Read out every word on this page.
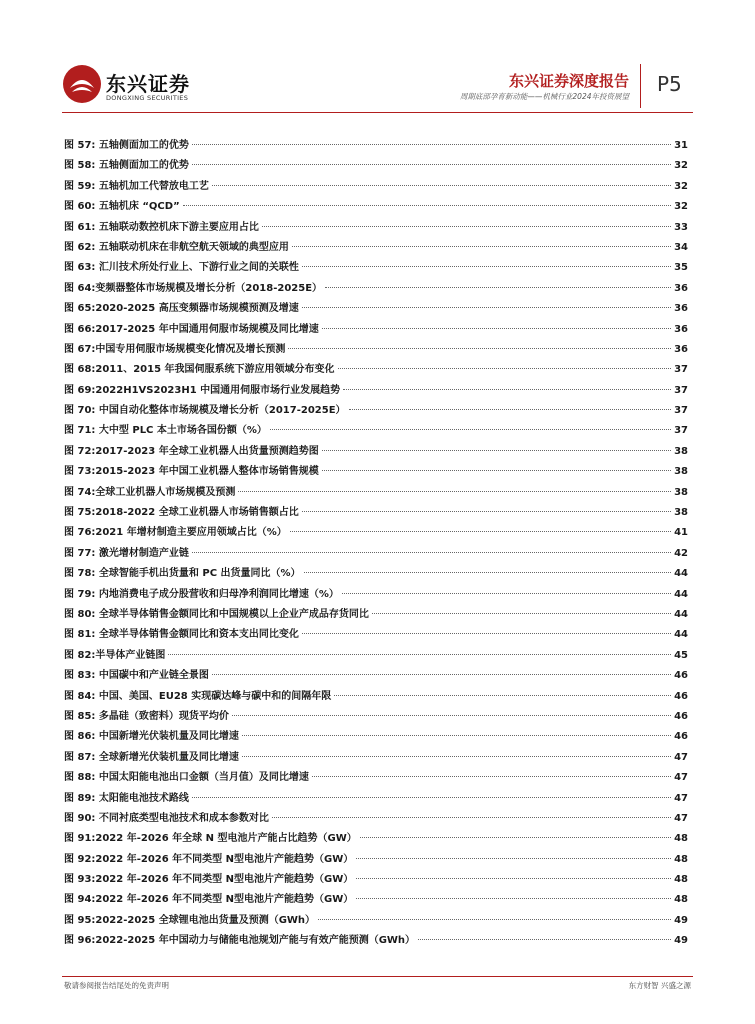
东兴证券
DONGXING SECURITIES
东兴证券深度报告
周期底部孕育新动能——机械行业2024年投资展望
P5
图 57: 五轴侧面加工的优势	31
图 58: 五轴侧面加工的优势	32
图 59: 五轴机加工代替放电工艺	32
图 60: 五轴机床 “QCD”	32
图 61: 五轴联动数控机床下游主要应用占比	33
图 62: 五轴联动机床在非航空航天领域的典型应用	34
图 63: 汇川技术所处行业上、下游行业之间的关联性	35
图 64:变频器整体市场规模及增长分析（2018-2025E）	36
图 65:2020-2025 高压变频器市场规模预测及增速	36
图 66:2017-2025 年中国通用伺服市场规模及同比增速	36
图 67:中国专用伺服市场规模变化情况及增长预测	36
图 68:2011、2015 年我国伺服系统下游应用领域分布变化	37
图 69:2022H1VS2023H1 中国通用伺服市场行业发展趋势	37
图 70: 中国自动化整体市场规模及增长分析（2017-2025E）	37
图 71: 大中型 PLC 本土市场各国份额（%）	37
图 72:2017-2023 年全球工业机器人出货量预测趋势图	38
图 73:2015-2023 年中国工业机器人整体市场销售规模	38
图 74:全球工业机器人市场规模及预测	38
图 75:2018-2022 全球工业机器人市场销售额占比	38
图 76:2021 年增材制造主要应用领域占比（%）	41
图 77: 激光增材制造产业链	42
图 78: 全球智能手机出货量和 PC 出货量同比（%）	44
图 79: 内地消费电子成分股营收和归母净利润同比增速（%）	44
图 80: 全球半导体销售金额同比和中国规模以上企业产成品存货同比	44
图 81: 全球半导体销售金额同比和资本支出同比变化	44
图 82:半导体产业链图	45
图 83: 中国碳中和产业链全景图	46
图 84: 中国、美国、EU28 实现碳达峰与碳中和的间隔年限	46
图 85: 多晶硅（致密料）现货平均价	46
图 86: 中国新增光伏装机量及同比增速	46
图 87: 全球新增光伏装机量及同比增速	47
图 88: 中国太阳能电池出口金额（当月值）及同比增速	47
图 89: 太阳能电池技术路线	47
图 90: 不同衬底类型电池技术和成本参数对比	47
图 91:2022 年-2026 年全球 N 型电池片产能占比趋势（GW）	48
图 92:2022 年-2026 年不同类型 N型电池片产能趋势（GW）	48
图 93:2022 年-2026 年不同类型 N型电池片产能趋势（GW）	48
图 94:2022 年-2026 年不同类型 N型电池片产能趋势（GW）	48
图 95:2022-2025 全球锂电池出货量及预测（GWh）	49
图 96:2022-2025 年中国动力与储能电池规划产能与有效产能预测（GWh）	49
敬请参阅报告结尾处的免责声明	东方财智 兴盛之源
